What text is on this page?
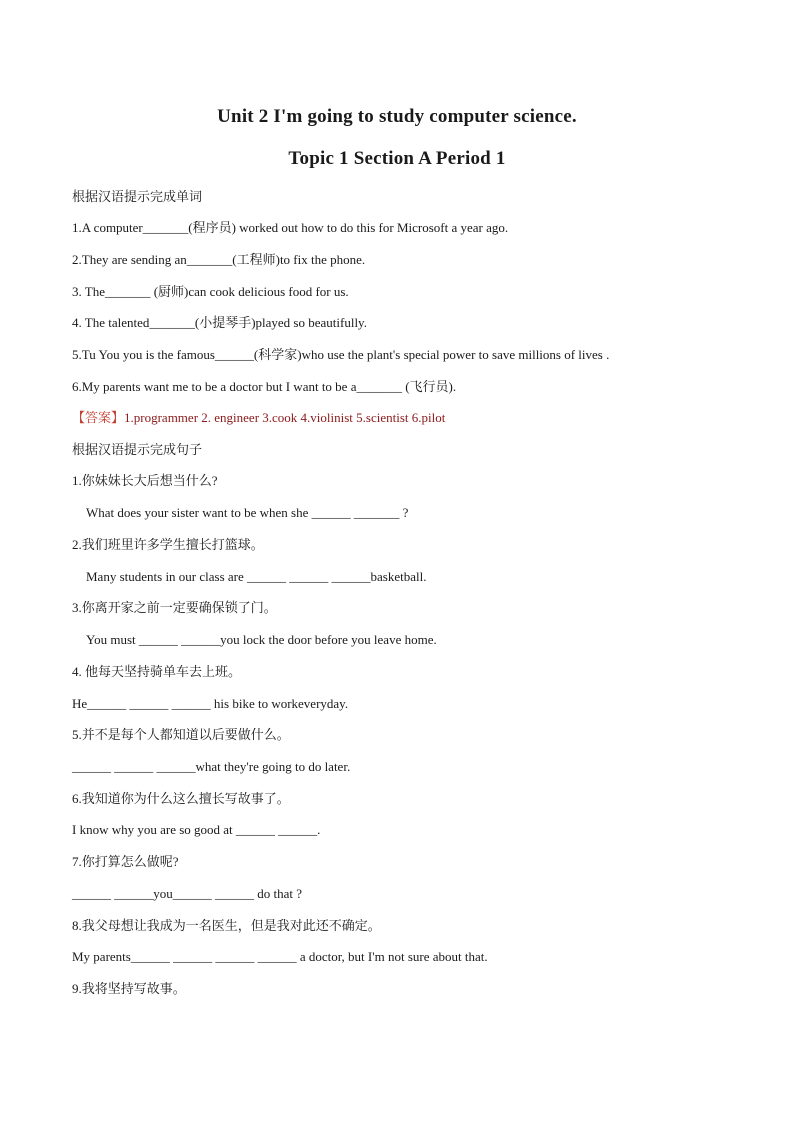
Unit 2 I'm going to study computer science.
Topic 1 Section A Period 1
根据汉语提示完成单词
1.A computer_______(程序员) worked out how to do this for Microsoft a year ago.
2.They are sending an_______(工程师)to fix the phone.
3. The_______ (厨师)can cook delicious food for us.
4. The talented_______(小提琴手)played so beautifully.
5.Tu You you is the famous______(科学家)who use the plant's special power to save millions of lives .
6.My parents want me to be a doctor but I want to be a_______ (飞行员).
【答案】1.programmer 2. engineer 3.cook 4.violinist 5.scientist 6.pilot
根据汉语提示完成句子
1.你妹妹长大后想当什么?
What does your sister want to be when she ______ _______ ?
2.我们班里许多学生擅长打篮球。
Many students in our class are ______ ______ ______basketball.
3.你离开家之前一定要确保锁了门。
You must ______ ______you lock the door before you leave home.
4. 他每天坚持骑单车去上班。
He______ ______ ______ his bike to workeveryday.
5.并不是每个人都知道以后要做什么。
______ ______ ______what they're going to do later.
6.我知道你为什么这么擅长写故事了。
I know why you are so good at ______ ______.
7.你打算怎么做呢?
______ ______you______ ______ do that ?
8.我父母想让我成为一名医生，但是我对此还不确定。
My parents______ ______ ______ ______ a doctor, but I'm not sure about that.
9.我将坚持写故事。
